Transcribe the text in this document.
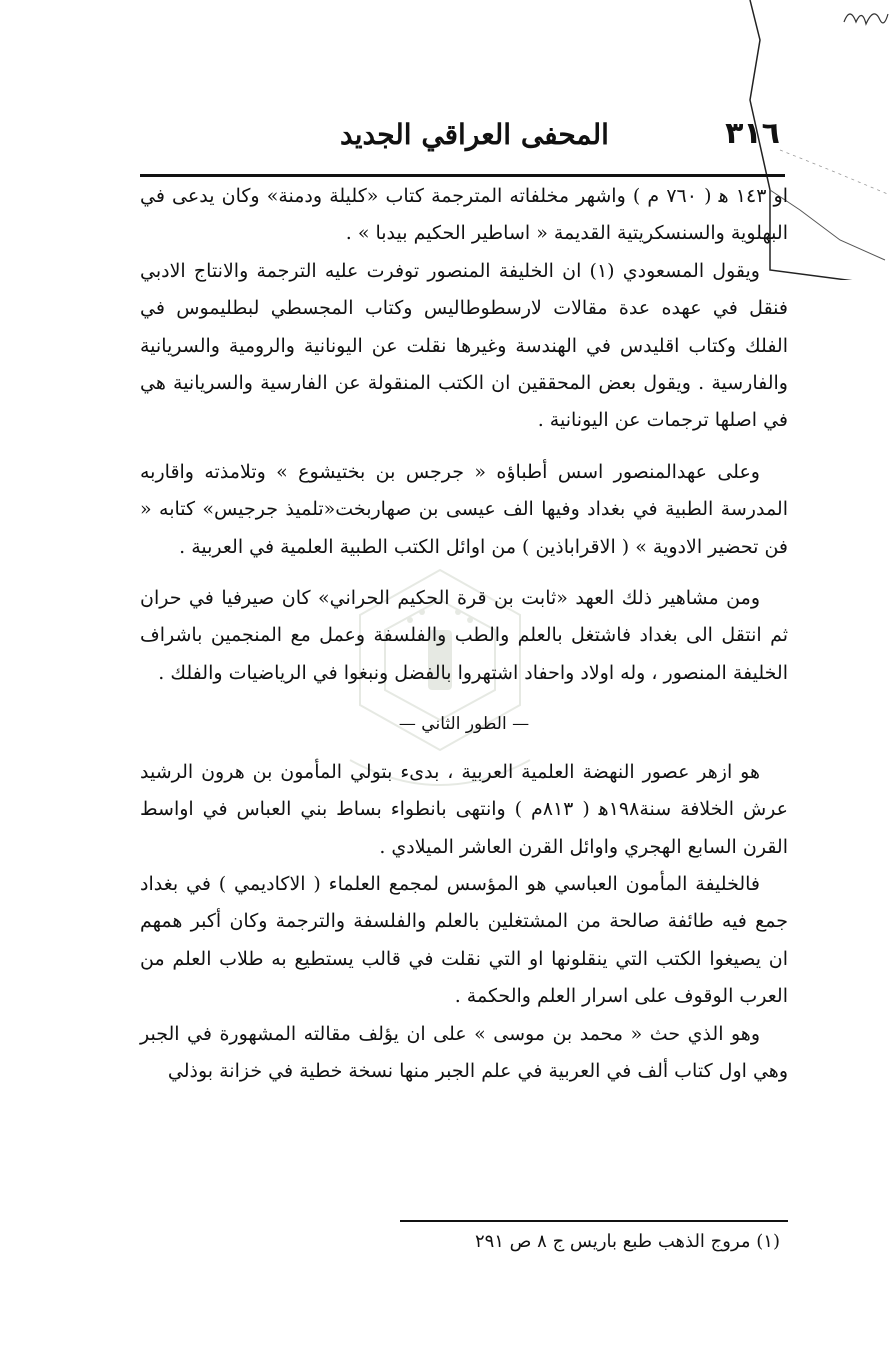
٣١٦
المحفى العراقي الجديد

او ١٤٣ ﻫ ( ٧٦٠ م ) واشهر مخلفاته المترجمة كتاب «كليلة ودمنة» وكان يدعى في البهلوية والسنسكريتية القديمة « اساطير الحكيم بيدبا » .

ويقول المسعودي (١) ان الخليفة المنصور توفرت عليه الترجمة والانتاج الادبي فنقل في عهده عدة مقالات لارسطوطاليس وكتاب المجسطي لبطليموس في الفلك وكتاب اقليدس في الهندسة وغيرها نقلت عن اليونانية والرومية والسريانية والفارسية . ويقول بعض المحققين ان الكتب المنقولة عن الفارسية والسريانية هي في اصلها ترجمات عن اليونانية .

وعلى عهدالمنصور اسس أطباؤه « جرجس بن بختيشوع » وتلامذته واقاربه المدرسة الطبية في بغداد وفيها الف عيسى بن صهاربخت«تلميذ جرجيس» كتابه « فن تحضير الادوية » ( الاقراباذين ) من اوائل الكتب الطبية العلمية في العربية .

ومن مشاهير ذلك العهد «ثابت بن قرة الحكيم الحراني» كان صيرفيا في حران ثم انتقل الى بغداد فاشتغل بالعلم والطب والفلسفة وعمل مع المنجمين باشراف الخليفة المنصور ، وله اولاد واحفاد اشتهروا بالفضل ونبغوا في الرياضيات والفلك .

— الطور الثاني —

هو ازهر عصور النهضة العلمية العربية ، بدىء بتولي المأمون بن هرون الرشيد عرش الخلافة سنة١٩٨ﻫ ( ٨١٣م ) وانتهى بانطواء بساط بني العباس في اواسط القرن السابع الهجري واوائل القرن العاشر الميلادي .

فالخليفة المأمون العباسي هو المؤسس لمجمع العلماء ( الاكاديمي ) في بغداد جمع فيه طائفة صالحة من المشتغلين بالعلم والفلسفة والترجمة وكان أكبر همهم ان يصيغوا الكتب التي ينقلونها او التي نقلت في قالب يستطيع به طلاب العلم من العرب الوقوف على اسرار العلم والحكمة .

وهو الذي حث « محمد بن موسى » على ان يؤلف مقالته المشهورة في الجبر وهي اول كتاب ألف في العربية في علم الجبر منها نسخة خطية في خزانة بوذلي

(١) مروج الذهب طبع باريس ج ٨ ص ٢٩١
